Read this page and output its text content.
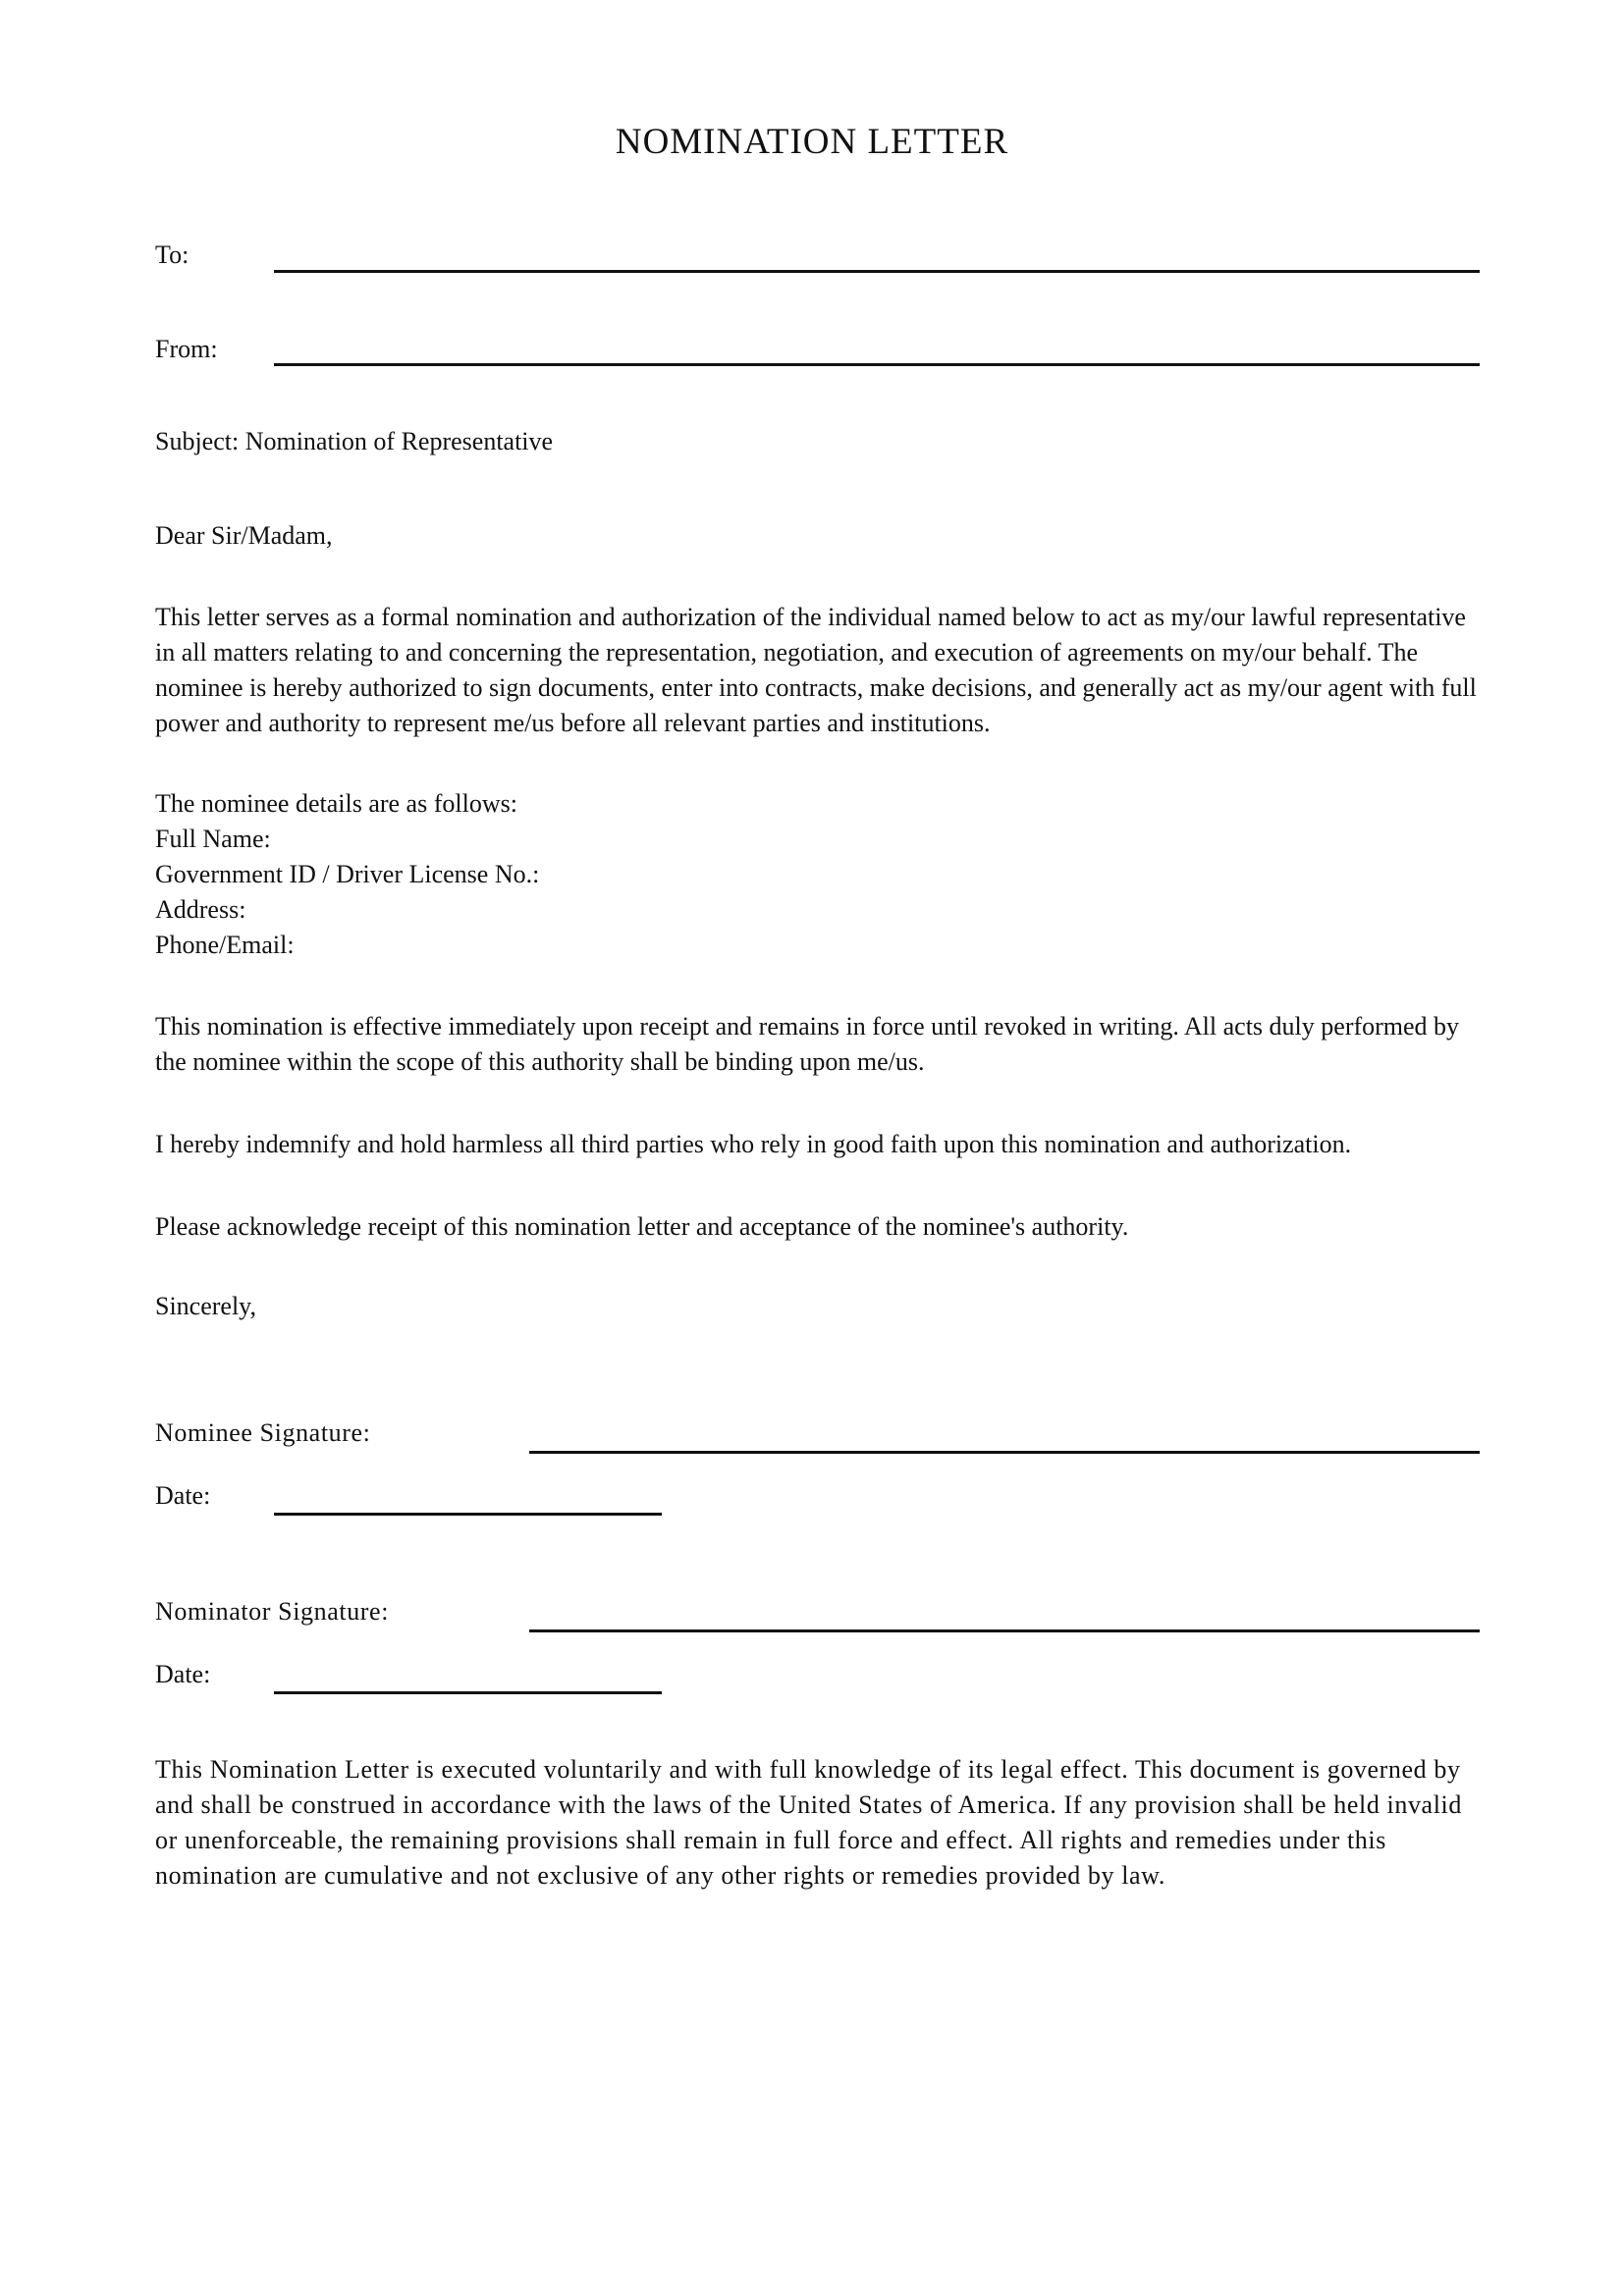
NOMINATION LETTER
To:
From:
Subject: Nomination of Representative
Dear Sir/Madam,
This letter serves as a formal nomination and authorization of the individual named below to act as my/our lawful representative in all matters relating to and concerning the representation, negotiation, and execution of agreements on my/our behalf. The nominee is hereby authorized to sign documents, enter into contracts, make decisions, and generally act as my/our agent with full power and authority to represent me/us before all relevant parties and institutions.
The nominee details are as follows:
Full Name:
Government ID / Driver License No.:
Address:
Phone/Email:
This nomination is effective immediately upon receipt and remains in force until revoked in writing. All acts duly performed by the nominee within the scope of this authority shall be binding upon me/us.
I hereby indemnify and hold harmless all third parties who rely in good faith upon this nomination and authorization.
Please acknowledge receipt of this nomination letter and acceptance of the nominee's authority.
Sincerely,
Nominee Signature:
Date:
Nominator Signature:
Date:
This Nomination Letter is executed voluntarily and with full knowledge of its legal effect. This document is governed by and shall be construed in accordance with the laws of the United States of America. If any provision shall be held invalid or unenforceable, the remaining provisions shall remain in full force and effect. All rights and remedies under this nomination are cumulative and not exclusive of any other rights or remedies provided by law.
